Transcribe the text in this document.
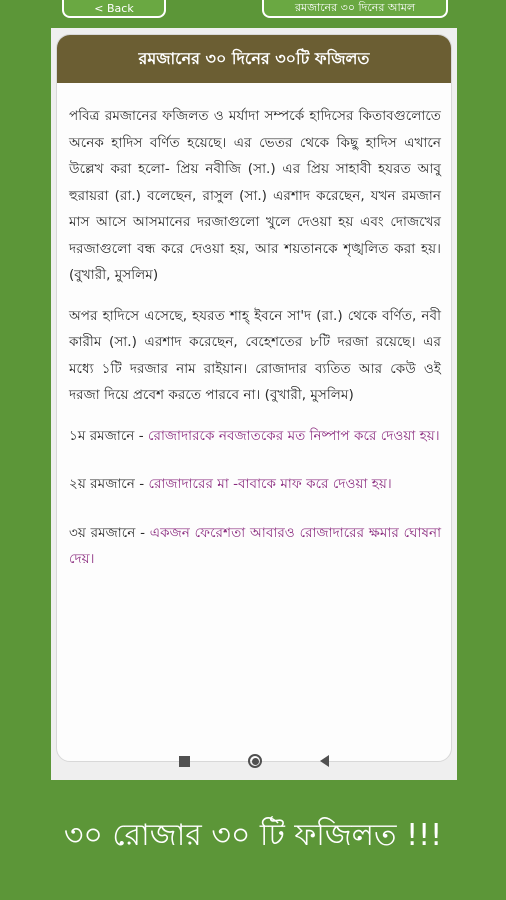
< Back	রমজানের ৩০ দিনের আমল
রমজানের ৩০ দিনের ৩০টি ফজিলত

পবিত্র রমজানের ফজিলত ও মর্যাদা সম্পর্কে হাদিসের কিতাবগুলোতে অনেক হাদিস বর্ণিত হয়েছে। এর ভেতর থেকে কিছু হাদিস এখানে উল্লেখ করা হলো- প্রিয় নবীজি (সা.) এর প্রিয় সাহাবী হযরত আবু হুরায়রা (রা.) বলেছেন, রাসুল (সা.) এরশাদ করেছেন, যখন রমজান মাস আসে আসমানের দরজাগুলো খুলে দেওয়া হয় এবং দোজখের দরজাগুলো বন্ধ করে দেওয়া হয়, আর শয়তানকে শৃঙ্খলিত করা হয়। (বুখারী, মুসলিম)

অপর হাদিসে এসেছে, হযরত শাহ্ ইবনে সা'দ (রা.) থেকে বর্ণিত, নবী কারীম (সা.) এরশাদ করেছেন, বেহেশতের ৮টি দরজা রয়েছে। এর মধ্যে ১টি দরজার নাম রাইয়ান। রোজাদার ব্যতিত আর কেউ ওই দরজা দিয়ে প্রবেশ করতে পারবে না। (বুখারী, মুসলিম)

১ম রমজানে - রোজাদারকে নবজাতকের মত নিষ্পাপ করে দেওয়া হয়।

২য় রমজানে - রোজাদারের মা -বাবাকে মাফ করে দেওয়া হয়।

৩য় রমজানে - একজন ফেরেশতা আবারও রোজাদারের ক্ষমার ঘোষনা দেয়।

৩০ রোজার ৩০ টি ফজিলত !!!
